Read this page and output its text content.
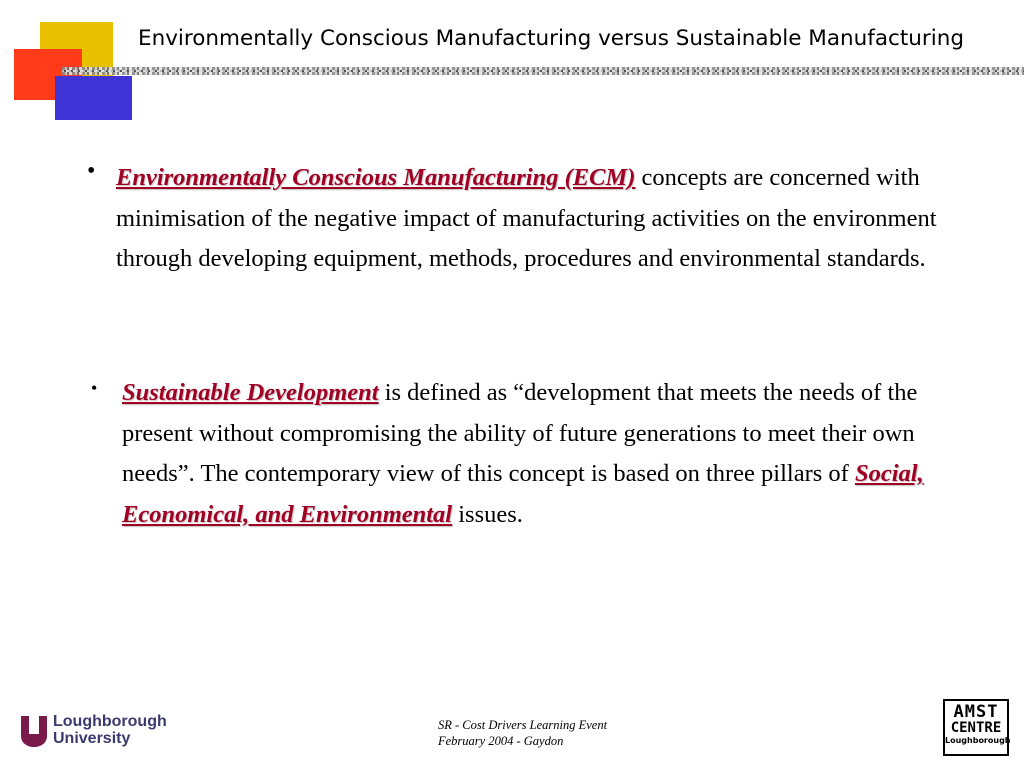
Environmentally Conscious Manufacturing versus Sustainable Manufacturing
• Environmentally Conscious Manufacturing (ECM) concepts are concerned with minimisation of the negative impact of manufacturing activities on the environment through developing equipment, methods, procedures and environmental standards.
• Sustainable Development is defined as “development that meets the needs of the present without compromising the ability of future generations to meet their own needs”. The contemporary view of this concept is based on three pillars of Social, Economical, and Environmental issues.
Loughborough
University
SR - Cost Drivers Learning Event
February 2004 - Gaydon
AMST
CENTRE
Loughborough
